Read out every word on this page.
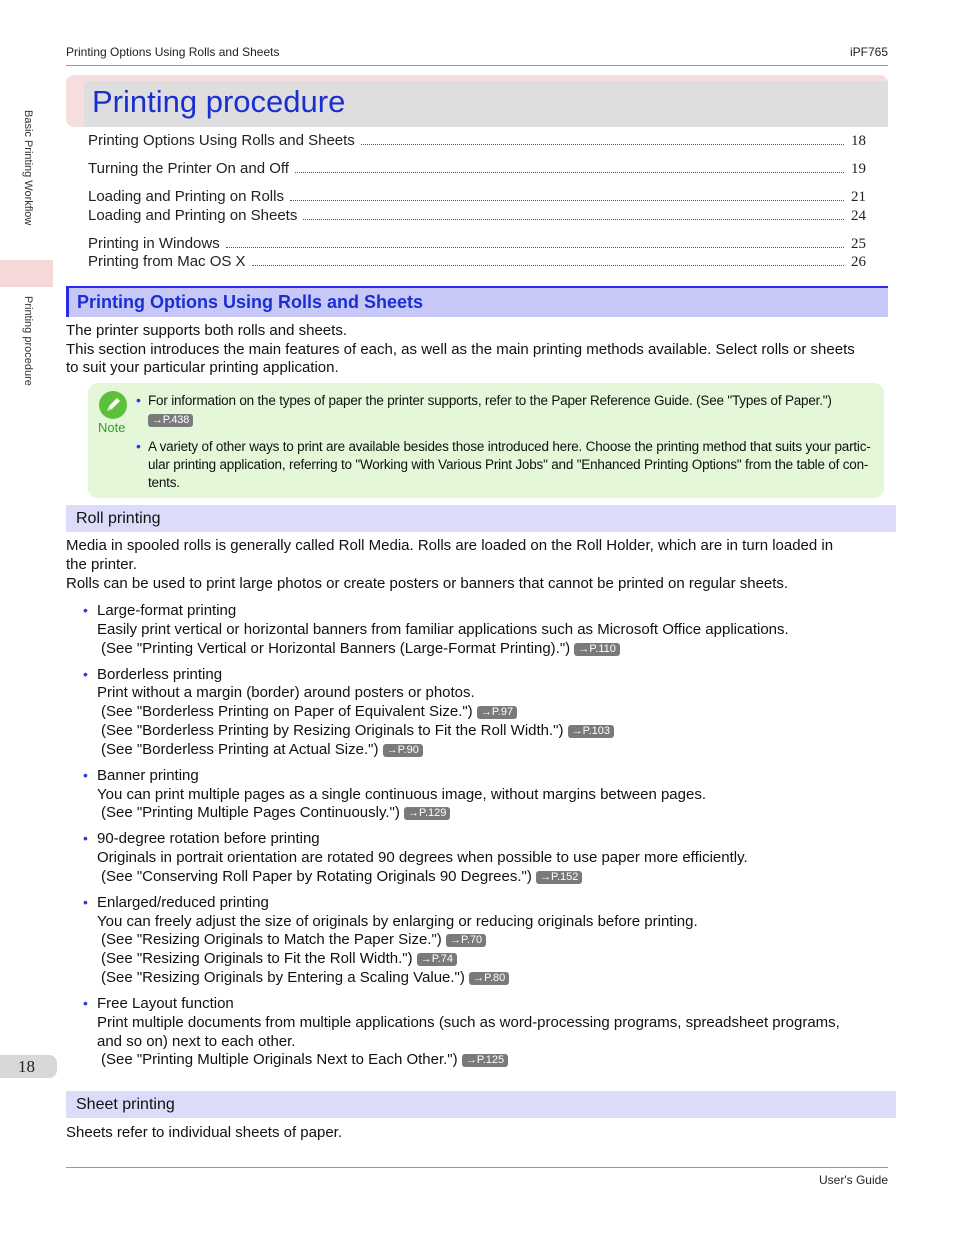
Printing Options Using Rolls and Sheets	iPF765
Basic Printing Workflow
Printing procedure
18
Printing procedure
Printing Options Using Rolls and Sheets	18
Turning the Printer On and Off	19
Loading and Printing on Rolls	21
Loading and Printing on Sheets	24
Printing in Windows	25
Printing from Mac OS X	26
Printing Options Using Rolls and Sheets
The printer supports both rolls and sheets.
This section introduces the main features of each, as well as the main printing methods available. Select rolls or sheets
to suit your particular printing application.
Note
• For information on the types of paper the printer supports, refer to the Paper Reference Guide. (See "Types of Paper.")
→P.438
• A variety of other ways to print are available besides those introduced here. Choose the printing method that suits your partic-
ular printing application, referring to "Working with Various Print Jobs" and "Enhanced Printing Options" from the table of con-
tents.
Roll printing
Media in spooled rolls is generally called Roll Media. Rolls are loaded on the Roll Holder, which are in turn loaded in
the printer.
Rolls can be used to print large photos or create posters or banners that cannot be printed on regular sheets.
• Large-format printing
Easily print vertical or horizontal banners from familiar applications such as Microsoft Office applications.
(See "Printing Vertical or Horizontal Banners (Large-Format Printing).") →P.110
• Borderless printing
Print without a margin (border) around posters or photos.
(See "Borderless Printing on Paper of Equivalent Size.") →P.97
(See "Borderless Printing by Resizing Originals to Fit the Roll Width.") →P.103
(See "Borderless Printing at Actual Size.") →P.90
• Banner printing
You can print multiple pages as a single continuous image, without margins between pages.
(See "Printing Multiple Pages Continuously.") →P.129
• 90-degree rotation before printing
Originals in portrait orientation are rotated 90 degrees when possible to use paper more efficiently.
(See "Conserving Roll Paper by Rotating Originals 90 Degrees.") →P.152
• Enlarged/reduced printing
You can freely adjust the size of originals by enlarging or reducing originals before printing.
(See "Resizing Originals to Match the Paper Size.") →P.70
(See "Resizing Originals to Fit the Roll Width.") →P.74
(See "Resizing Originals by Entering a Scaling Value.") →P.80
• Free Layout function
Print multiple documents from multiple applications (such as word-processing programs, spreadsheet programs,
and so on) next to each other.
(See "Printing Multiple Originals Next to Each Other.") →P.125
Sheet printing
Sheets refer to individual sheets of paper.
User's Guide
